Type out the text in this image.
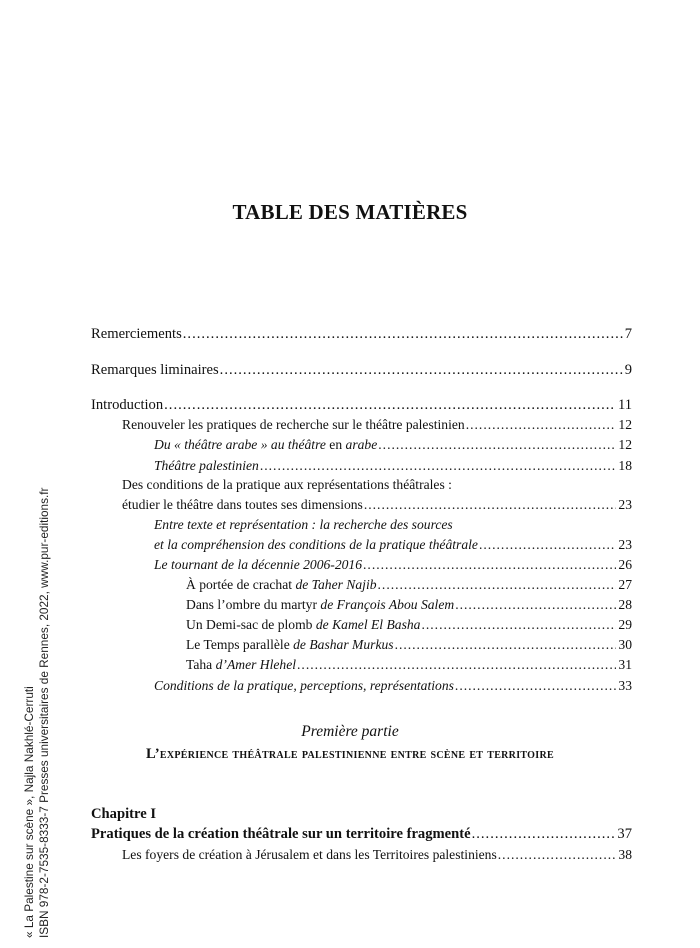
TABLE DES MATIÈRES
Remerciements .....	7
Remarques liminaires .....	9
Introduction .....	11
Renouveler les pratiques de recherche sur le théâtre palestinien .....	12
Du « théâtre arabe » au théâtre en arabe .....	12
Théâtre palestinien .....	18
Des conditions de la pratique aux représentations théâtrales :
étudier le théâtre dans toutes ses dimensions .....	23
Entre texte et représentation : la recherche des sources
et la compréhension des conditions de la pratique théâtrale .....	23
Le tournant de la décennie 2006-2016 .....	26
À portée de crachat de Taher Najib .....	27
Dans l’ombre du martyr de François Abou Salem .....	28
Un Demi-sac de plomb de Kamel El Basha .....	29
Le Temps parallèle de Bashar Murkus .....	30
Taha d’Amer Hlehel .....	31
Conditions de la pratique, perceptions, représentations .....	33
Première partie
L’expérience théâtrale palestinienne entre scène et territoire
Chapitre I
Pratiques de la création théâtrale sur un territoire fragmenté .....	37
Les foyers de création à Jérusalem et dans les Territoires palestiniens .....	38
« La Palestine sur scène », Najla Nakhlé-Cerruti ISBN 978-2-7535-8333-7 Presses universitaires de Rennes, 2022, www.pur-editions.fr
